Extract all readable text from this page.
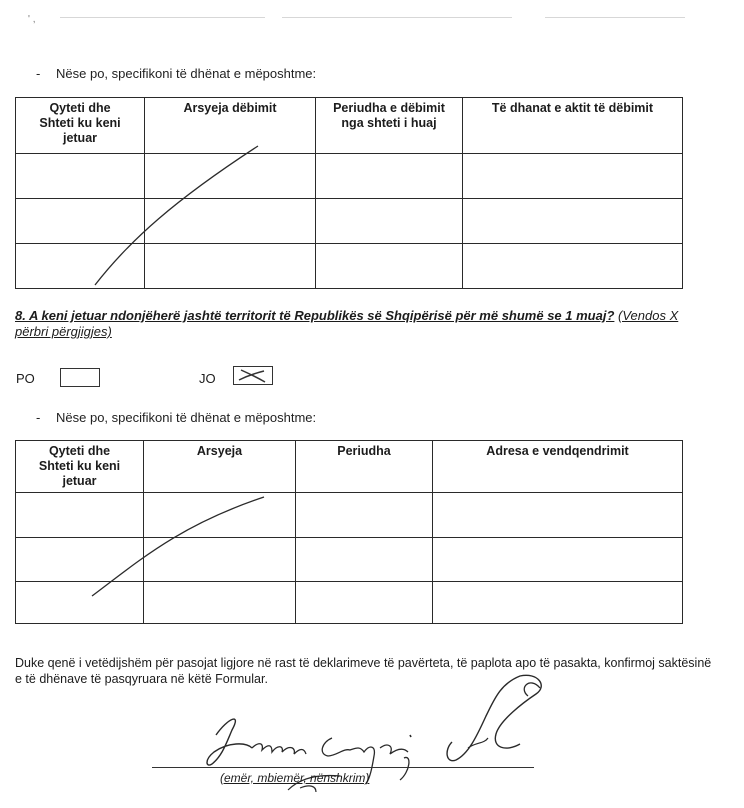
' ,
- Nëse po, specifikoni të dhënat e mëposhtme:
Qyteti dhe Shteti ku keni jetuar	Arsyeja dëbimit	Periudha e dëbimit nga shteti i huaj	Të dhanat e aktit të dëbimit

8. A keni jetuar ndonjëherë jashtë territorit të Republikës së Shqipërisë për më shumë se 1 muaj? (Vendos X përbri përgjigjes)
PO	JO
- Nëse po, specifikoni të dhënat e mëposhtme:
Qyteti dhe Shteti ku keni jetuar	Arsyeja	Periudha	Adresa e vendqendrimit

Duke qenë i vetëdijshëm për pasojat ligjore në rast të deklarimeve të pavërteta, të paplota apo të pasakta, konfirmoj saktësinë e të dhënave të pasqyruara në këtë Formular.
(emër, mbiemër, nënshkrim)
